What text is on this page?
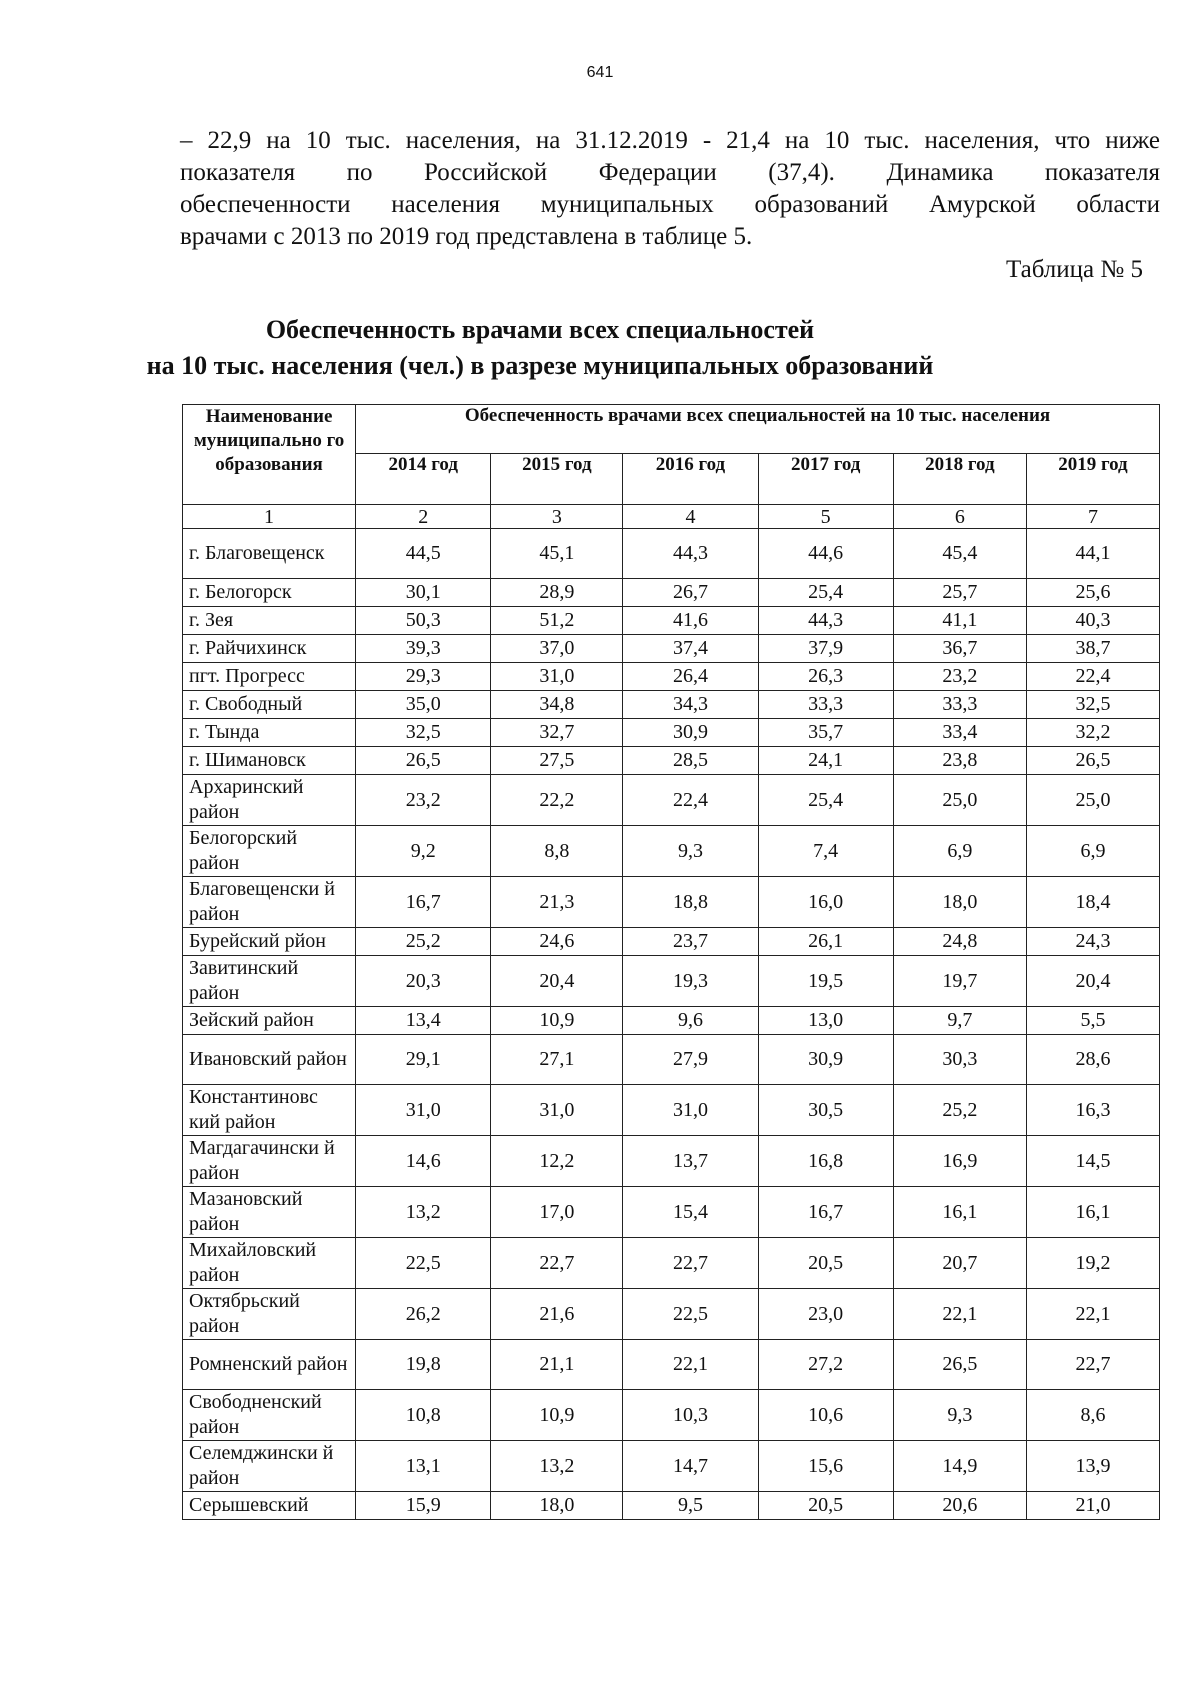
641
– 22,9 на 10 тыс. населения, на 31.12.2019 - 21,4 на 10 тыс. населения, что ниже
показателя по Российской Федерации (37,4). Динамика показателя
обеспеченности населения муниципальных образований Амурской области
врачами с 2013 по 2019 год представлена в таблице 5.
Таблица № 5
Обеспеченность врачами всех специальностей
на 10 тыс. населения (чел.) в разрезе муниципальных образований
Наименование муниципально го образования	Обеспеченность врачами всех специальностей на 10 тыс. населения					
	2014 год	2015 год	2016 год	2017 год	2018 год	2019 год
1	2	3	4	5	6	7
г. Благовещенск	44,5	45,1	44,3	44,6	45,4	44,1
г. Белогорск	30,1	28,9	26,7	25,4	25,7	25,6
г. Зея	50,3	51,2	41,6	44,3	41,1	40,3
г. Райчихинск	39,3	37,0	37,4	37,9	36,7	38,7
пгт. Прогресс	29,3	31,0	26,4	26,3	23,2	22,4
г. Свободный	35,0	34,8	34,3	33,3	33,3	32,5
г. Тында	32,5	32,7	30,9	35,7	33,4	32,2
г. Шимановск	26,5	27,5	28,5	24,1	23,8	26,5
Архаринский район	23,2	22,2	22,4	25,4	25,0	25,0
Белогорский район	9,2	8,8	9,3	7,4	6,9	6,9
Благовещенски й район	16,7	21,3	18,8	16,0	18,0	18,4
Бурейский рйон	25,2	24,6	23,7	26,1	24,8	24,3
Завитинский район	20,3	20,4	19,3	19,5	19,7	20,4
Зейский район	13,4	10,9	9,6	13,0	9,7	5,5
Ивановский район	29,1	27,1	27,9	30,9	30,3	28,6
Константиновс кий район	31,0	31,0	31,0	30,5	25,2	16,3
Магдагачински й район	14,6	12,2	13,7	16,8	16,9	14,5
Мазановский район	13,2	17,0	15,4	16,7	16,1	16,1
Михайловский район	22,5	22,7	22,7	20,5	20,7	19,2
Октябрьский район	26,2	21,6	22,5	23,0	22,1	22,1
Ромненский район	19,8	21,1	22,1	27,2	26,5	22,7
Свободненский район	10,8	10,9	10,3	10,6	9,3	8,6
Селемджински й район	13,1	13,2	14,7	15,6	14,9	13,9
Серышевский	15,9	18,0	9,5	20,5	20,6	21,0
